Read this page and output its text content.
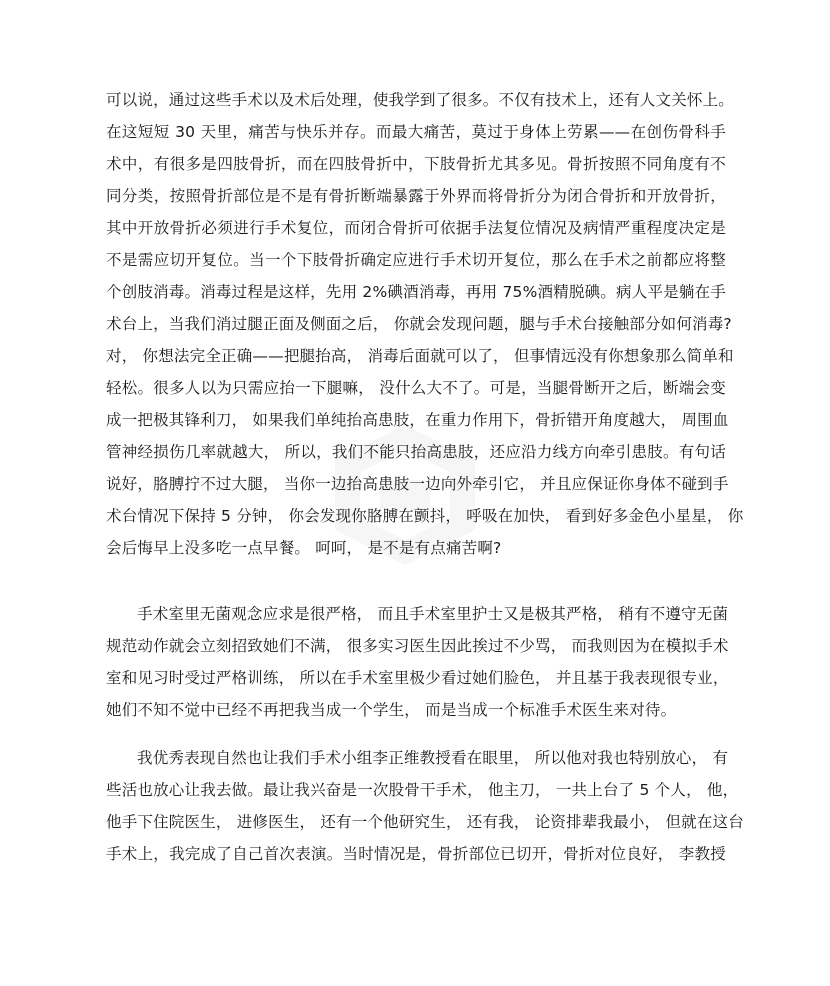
可以说，通过这些手术以及术后处理，使我学到了很多。不仅有技术上，还有人文关怀上。
在这短短 30 天里，痛苦与快乐并存。而最大痛苦，莫过于身体上劳累——在创伤骨科手
术中，有很多是四肢骨折，而在四肢骨折中，下肢骨折尤其多见。骨折按照不同角度有不
同分类，按照骨折部位是不是有骨折断端暴露于外界而将骨折分为闭合骨折和开放骨折，
其中开放骨折必须进行手术复位，而闭合骨折可依据手法复位情况及病情严重程度决定是
不是需应切开复位。当一个下肢骨折确定应进行手术切开复位，那么在手术之前都应将整
个创肢消毒。消毒过程是这样，先用 2%碘酒消毒，再用 75%酒精脱碘。病人平是躺在手
术台上，当我们消过腿正面及侧面之后， 你就会发现问题，腿与手术台接触部分如何消毒?
对， 你想法完全正确——把腿抬高， 消毒后面就可以了， 但事情远没有你想象那么简单和
轻松。很多人以为只需应抬一下腿嘛， 没什么大不了。可是，当腿骨断开之后，断端会变
成一把极其锋利刀， 如果我们单纯抬高患肢，在重力作用下，骨折错开角度越大， 周围血
管神经损伤几率就越大， 所以，我们不能只抬高患肢，还应沿力线方向牵引患肢。有句话
说好，胳膊拧不过大腿， 当你一边抬高患肢一边向外牵引它， 并且应保证你身体不碰到手
术台情况下保持 5 分钟， 你会发现你胳膊在颤抖， 呼吸在加快， 看到好多金色小星星， 你
会后悔早上没多吃一点早餐。 呵呵， 是不是有点痛苦啊?
手术室里无菌观念应求是很严格， 而且手术室里护士又是极其严格， 稍有不遵守无菌
规范动作就会立刻招致她们不满， 很多实习医生因此挨过不少骂， 而我则因为在模拟手术
室和见习时受过严格训练， 所以在手术室里极少看过她们脸色， 并且基于我表现很专业，
她们不知不觉中已经不再把我当成一个学生， 而是当成一个标准手术医生来对待。
我优秀表现自然也让我们手术小组李正维教授看在眼里， 所以他对我也特别放心， 有
些活也放心让我去做。最让我兴奋是一次股骨干手术， 他主刀， 一共上台了 5 个人， 他，
他手下住院医生， 进修医生， 还有一个他研究生， 还有我， 论资排辈我最小， 但就在这台
手术上，我完成了自己首次表演。当时情况是，骨折部位已切开，骨折对位良好， 李教授
